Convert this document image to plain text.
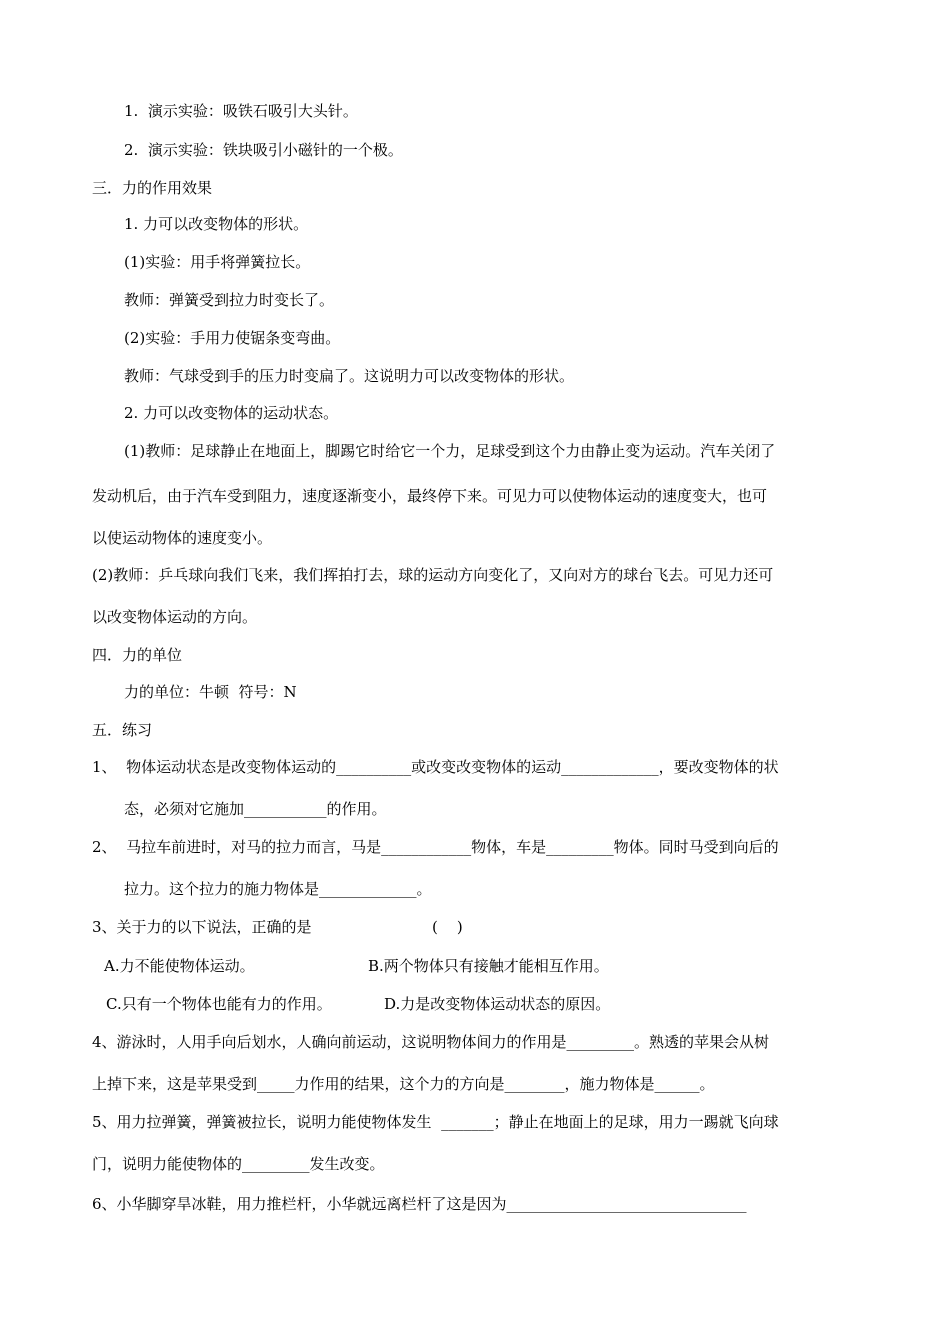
1.  演示实验：吸铁石吸引大头针。
2.  演示实验：铁块吸引小磁针的一个极。
三．力的作用效果
1. 力可以改变物体的形状。
(1)实验：用手将弹簧拉长。
教师：弹簧受到拉力时变长了。
(2)实验：手用力使锯条变弯曲。
教师：气球受到手的压力时变扁了。这说明力可以改变物体的形状。
2. 力可以改变物体的运动状态。
(1)教师：足球静止在地面上，脚踢它时给它一个力，足球受到这个力由静止变为运动。汽车关闭了
发动机后，由于汽车受到阻力，速度逐渐变小，最终停下来。可见力可以使物体运动的速度变大，也可
以使运动物体的速度变小。
(2)教师：乒乓球向我们飞来，我们挥拍打去，球的运动方向变化了，又向对方的球台飞去。可见力还可
以改变物体运动的方向。
四．力的单位
力的单位：牛顿  符号：N
五．练习
1、  物体运动状态是改变物体运动的__________或改变改变物体的运动_____________，要改变物体的状
态，必须对它施加___________的作用。
2、  马拉车前进时，对马的拉力而言，马是____________物体，车是_________物体。同时马受到向后的
拉力。这个拉力的施力物体是_____________。
3、关于力的以下说法，正确的是	(    )
A.力不能使物体运动。	B.两个物体只有接触才能相互作用。
C.只有一个物体也能有力的作用。	D.力是改变物体运动状态的原因。
4、游泳时，人用手向后划水，人确向前运动，这说明物体间力的作用是_________。熟透的苹果会从树
上掉下来，这是苹果受到_____力作用的结果，这个力的方向是________，施力物体是______。
5、用力拉弹簧，弹簧被拉长，说明力能使物体发生  _______；静止在地面上的足球，用力一踢就飞向球
门，说明力能使物体的_________发生改变。
6、小华脚穿旱冰鞋，用力推栏杆，小华就远离栏杆了这是因为________________________________
